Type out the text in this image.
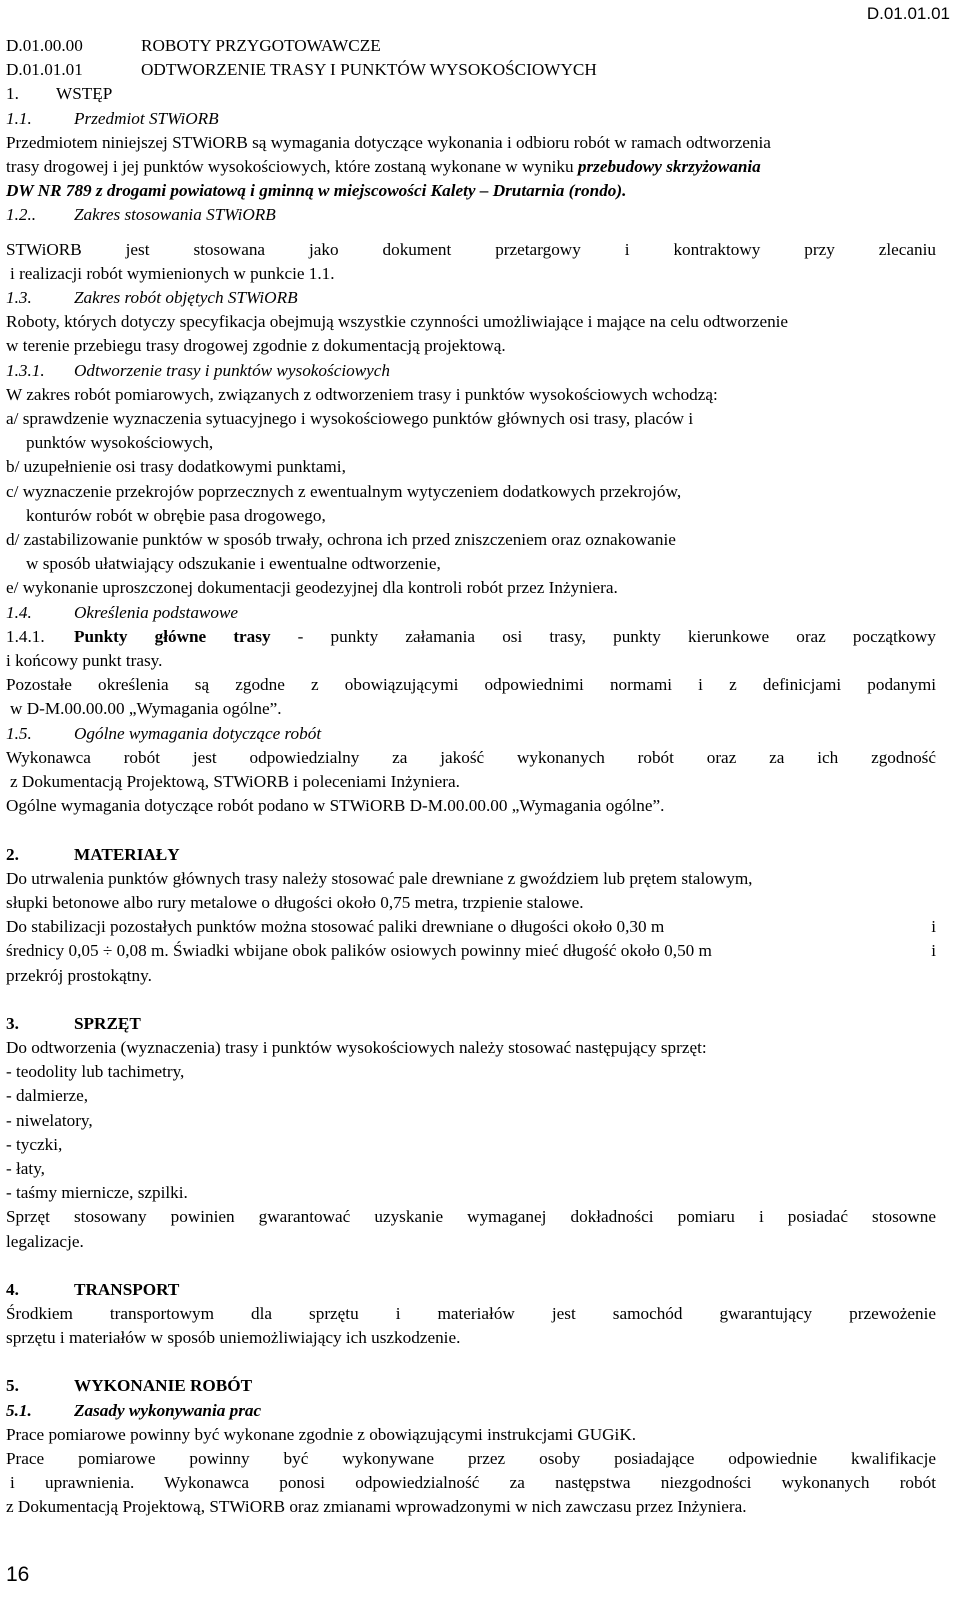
D.01.01.01
D.01.00.00	ROBOTY PRZYGOTOWAWCZE
D.01.01.01	ODTWORZENIE TRASY I PUNKTÓW WYSOKOŚCIOWYCH
1. WSTĘP
1.1. Przedmiot STWiORB
Przedmiotem niniejszej STWiORB są wymagania dotyczące wykonania i odbioru robót w ramach odtworzenia
trasy drogowej i jej punktów wysokościowych, które zostaną wykonane w wyniku przebudowy skrzyżowania
DW NR 789 z drogami powiatową i gminną w miejscowości Kalety – Drutarnia (rondo).
1.2.. Zakres stosowania STWiORB
STWiORB jest stosowana jako dokument przetargowy i kontraktowy przy zlecaniu
i realizacji robót wymienionych w punkcie 1.1.
1.3. Zakres robót objętych STWiORB
Roboty, których dotyczy specyfikacja obejmują wszystkie czynności umożliwiające i mające na celu odtworzenie
w terenie przebiegu trasy drogowej zgodnie z dokumentacją projektową.
1.3.1. Odtworzenie trasy i punktów wysokościowych
W zakres robót pomiarowych, związanych z odtworzeniem trasy i punktów wysokościowych wchodzą:
a/ sprawdzenie wyznaczenia sytuacyjnego i wysokościowego punktów głównych osi trasy, placów i
punktów wysokościowych,
b/ uzupełnienie osi trasy dodatkowymi punktami,
c/ wyznaczenie przekrojów poprzecznych z ewentualnym wytyczeniem dodatkowych przekrojów,
konturów robót w obrębie pasa drogowego,
d/ zastabilizowanie punktów w sposób trwały, ochrona ich przed zniszczeniem oraz oznakowanie
w sposób ułatwiający odszukanie i ewentualne odtworzenie,
e/ wykonanie uproszczonej dokumentacji geodezyjnej dla kontroli robót przez Inżyniera.
1.4. Określenia podstawowe
1.4.1. Punkty główne trasy - punkty załamania osi trasy, punkty kierunkowe oraz początkowy
i końcowy punkt trasy.
Pozostałe określenia są zgodne z obowiązującymi odpowiednimi normami i z definicjami podanymi
w D-M.00.00.00 „Wymagania ogólne”.
1.5. Ogólne wymagania dotyczące robót
Wykonawca robót jest odpowiedzialny za jakość wykonanych robót oraz za ich zgodność
z Dokumentacją Projektową, STWiORB i poleceniami Inżyniera.
Ogólne wymagania dotyczące robót podano w STWiORB D-M.00.00.00 „Wymagania ogólne”.
2.	MATERIAŁY
Do utrwalenia punktów głównych trasy należy stosować pale drewniane z gwoździem lub prętem stalowym,
słupki betonowe albo rury metalowe o długości około 0,75 metra, trzpienie stalowe.
Do stabilizacji pozostałych punktów można stosować paliki drewniane o długości około 0,30 m	i
średnicy 0,05 ÷ 0,08 m. Świadki wbijane obok palików osiowych powinny mieć długość około 0,50 m	i
przekrój prostokątny.
3.	SPRZĘT
Do odtworzenia (wyznaczenia) trasy i punktów wysokościowych należy stosować następujący sprzęt:
- teodolity lub tachimetry,
- dalmierze,
- niwelatory,
- tyczki,
- łaty,
- taśmy miernicze, szpilki.
Sprzęt stosowany powinien gwarantować uzyskanie wymaganej dokładności pomiaru i posiadać stosowne
legalizacje.
4.	TRANSPORT
Środkiem transportowym dla sprzętu i materiałów jest samochód gwarantujący przewożenie
sprzętu i materiałów w sposób uniemożliwiający ich uszkodzenie.
5.	WYKONANIE ROBÓT
5.1. Zasady wykonywania prac
Prace pomiarowe powinny być wykonane zgodnie z obowiązującymi instrukcjami GUGiK.
Prace pomiarowe powinny być wykonywane przez osoby posiadające odpowiednie kwalifikacje
i uprawnienia. Wykonawca ponosi odpowiedzialność za następstwa niezgodności wykonanych robót
z Dokumentacją Projektową, STWiORB oraz zmianami wprowadzonymi w nich zawczasu przez Inżyniera.
16
